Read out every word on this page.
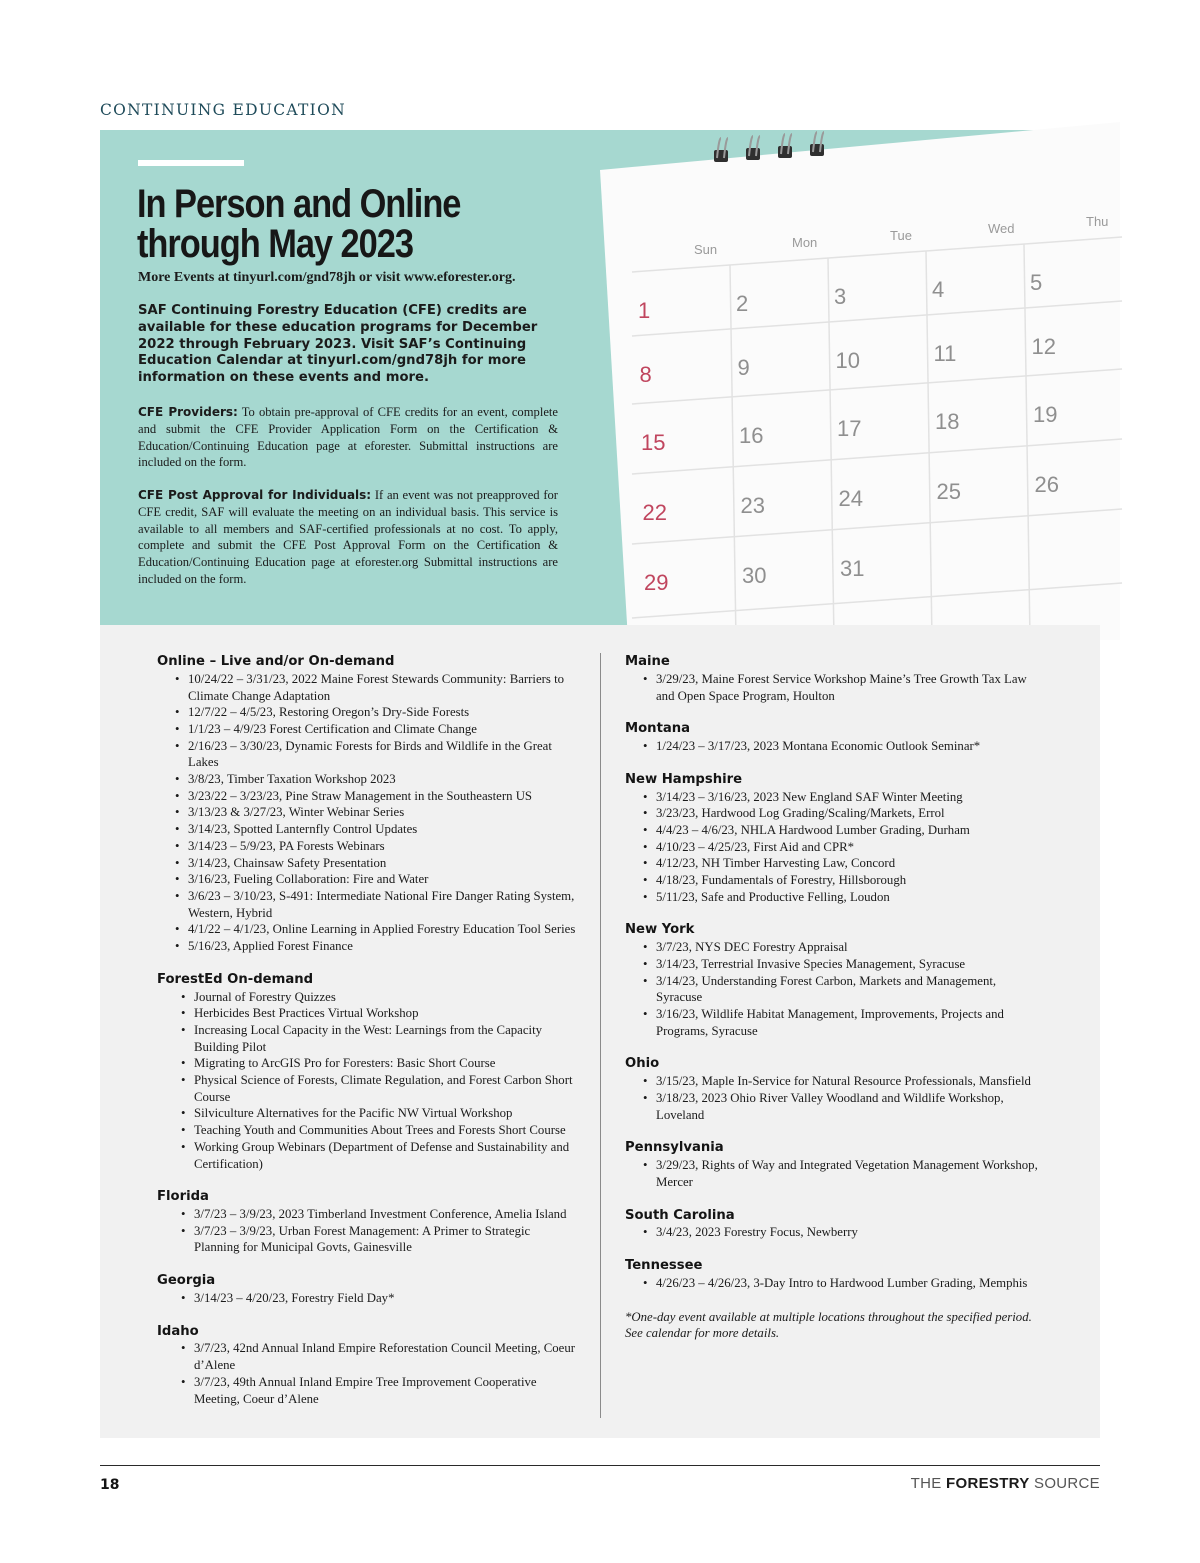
CONTINUING EDUCATION
In Person and Online
through May 2023
More Events at tinyurl.com/gnd78jh or visit www.eforester.org.
SAF Continuing Forestry Education (CFE) credits are available for these education programs for December 2022 through February 2023. Visit SAF’s Continuing Education Calendar at tinyurl.com/gnd78jh for more information on these events and more.
CFE Providers: To obtain pre-approval of CFE credits for an event, complete and submit the CFE Provider Application Form on the Certification & Education/Continuing Education page at eforester. Submittal instructions are included on the form.
CFE Post Approval for Individuals: If an event was not preapproved for CFE credit, SAF will evaluate the meeting on an individual basis. This service is available to all members and SAF-certified professionals at no cost. To apply, complete and submit the CFE Post Approval Form on the Certification & Education/Continuing Education page at eforester.org Submittal instructions are included on the form.
Sun	Mon	Tue	Wed	Thu
1	2	3	4	5
8	9	10	11	12
15	16	17	18	19
22	23	24	25	26
29	30	31
Online – Live and/or On-demand
• 10/24/22 – 3/31/23, 2022 Maine Forest Stewards Community: Barriers to Climate Change Adaptation
• 12/7/22 – 4/5/23, Restoring Oregon’s Dry-Side Forests
• 1/1/23 – 4/9/23 Forest Certification and Climate Change
• 2/16/23 – 3/30/23, Dynamic Forests for Birds and Wildlife in the Great Lakes
• 3/8/23, Timber Taxation Workshop 2023
• 3/23/22 – 3/23/23, Pine Straw Management in the Southeastern US
• 3/13/23 & 3/27/23, Winter Webinar Series
• 3/14/23, Spotted Lanternfly Control Updates
• 3/14/23 – 5/9/23, PA Forests Webinars
• 3/14/23, Chainsaw Safety Presentation
• 3/16/23, Fueling Collaboration: Fire and Water
• 3/6/23 – 3/10/23, S-491: Intermediate National Fire Danger Rating System, Western, Hybrid
• 4/1/22 – 4/1/23, Online Learning in Applied Forestry Education Tool Series
• 5/16/23, Applied Forest Finance
ForestEd On-demand
• Journal of Forestry Quizzes
• Herbicides Best Practices Virtual Workshop
• Increasing Local Capacity in the West: Learnings from the Capacity Building Pilot
• Migrating to ArcGIS Pro for Foresters: Basic Short Course
• Physical Science of Forests, Climate Regulation, and Forest Carbon Short Course
• Silviculture Alternatives for the Pacific NW Virtual Workshop
• Teaching Youth and Communities About Trees and Forests Short Course
• Working Group Webinars (Department of Defense and Sustainability and Certification)
Florida
• 3/7/23 – 3/9/23, 2023 Timberland Investment Conference, Amelia Island
• 3/7/23 – 3/9/23, Urban Forest Management: A Primer to Strategic Planning for Municipal Govts, Gainesville
Georgia
• 3/14/23 – 4/20/23, Forestry Field Day*
Idaho
• 3/7/23, 42nd Annual Inland Empire Reforestation Council Meeting, Coeur d’Alene
• 3/7/23, 49th Annual Inland Empire Tree Improvement Cooperative Meeting, Coeur d’Alene
Maine
• 3/29/23, Maine Forest Service Workshop Maine’s Tree Growth Tax Law and Open Space Program, Houlton
Montana
• 1/24/23 – 3/17/23, 2023 Montana Economic Outlook Seminar*
New Hampshire
• 3/14/23 – 3/16/23, 2023 New England SAF Winter Meeting
• 3/23/23, Hardwood Log Grading/Scaling/Markets, Errol
• 4/4/23 – 4/6/23, NHLA Hardwood Lumber Grading, Durham
• 4/10/23 – 4/25/23, First Aid and CPR*
• 4/12/23, NH Timber Harvesting Law, Concord
• 4/18/23, Fundamentals of Forestry, Hillsborough
• 5/11/23, Safe and Productive Felling, Loudon
New York
• 3/7/23, NYS DEC Forestry Appraisal
• 3/14/23, Terrestrial Invasive Species Management, Syracuse
• 3/14/23, Understanding Forest Carbon, Markets and Management, Syracuse
• 3/16/23, Wildlife Habitat Management, Improvements, Projects and Programs, Syracuse
Ohio
• 3/15/23, Maple In-Service for Natural Resource Professionals, Mansfield
• 3/18/23, 2023 Ohio River Valley Woodland and Wildlife Workshop, Loveland
Pennsylvania
• 3/29/23, Rights of Way and Integrated Vegetation Management Workshop, Mercer
South Carolina
• 3/4/23, 2023 Forestry Focus, Newberry
Tennessee
• 4/26/23 – 4/26/23, 3-Day Intro to Hardwood Lumber Grading, Memphis
*One-day event available at multiple locations throughout the specified period. See calendar for more details.
18	THE FORESTRY SOURCE
